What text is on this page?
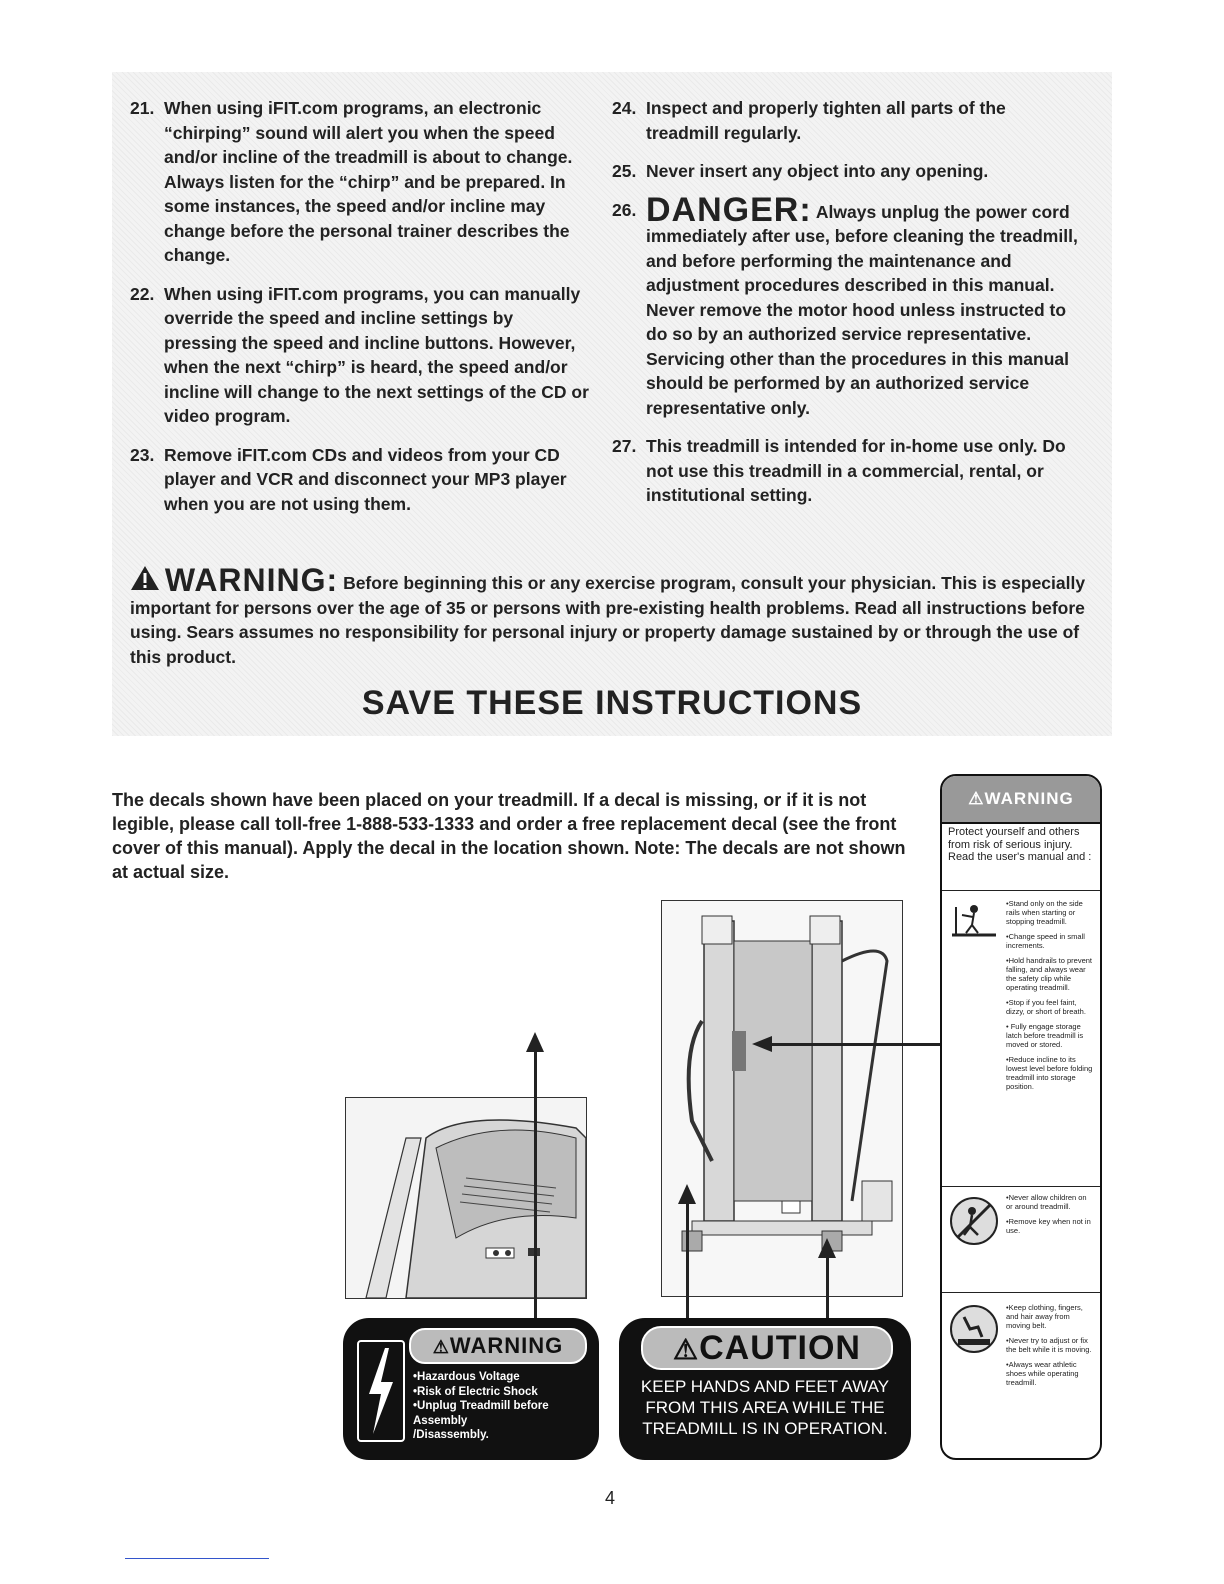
21. When using iFIT.com programs, an electronic “chirping” sound will alert you when the speed and/or incline of the treadmill is about to change. Always listen for the “chirp” and be prepared. In some instances, the speed and/or incline may change before the personal trainer describes the change.
22. When using iFIT.com programs, you can manually override the speed and incline settings by pressing the speed and incline buttons. However, when the next “chirp” is heard, the speed and/or incline will change to the next settings of the CD or video program.
23. Remove iFIT.com CDs and videos from your CD player and VCR and disconnect your MP3 player when you are not using them.
24. Inspect and properly tighten all parts of the treadmill regularly.
25. Never insert any object into any opening.
26. DANGER: Always unplug the power cord immediately after use, before cleaning the treadmill, and before performing the maintenance and adjustment procedures described in this manual. Never remove the motor hood unless instructed to do so by an authorized service representative. Servicing other than the procedures in this manual should be performed by an authorized service representative only.
27. This treadmill is intended for in-home use only. Do not use this treadmill in a commercial, rental, or institutional setting.
WARNING: Before beginning this or any exercise program, consult your physician. This is especially important for persons over the age of 35 or persons with pre-existing health problems. Read all instructions before using. Sears assumes no responsibility for personal injury or property damage sustained by or through the use of this product.
SAVE THESE INSTRUCTIONS
The decals shown have been placed on your treadmill. If a decal is missing, or if it is not legible, please call toll-free 1-888-533-1333 and order a free replacement decal (see the front cover of this manual). Apply the decal in the location shown. Note: The decals are not shown at actual size.
⚠WARNING
•Hazardous Voltage
•Risk of Electric Shock
•Unplug Treadmill before Assembly
/Disassembly.
⚠CAUTION
KEEP HANDS AND FEET AWAY
FROM THIS AREA WHILE THE
TREADMILL IS IN OPERATION.
⚠WARNING
Protect yourself and others from risk of serious injury. Read the user's manual and :
•Stand only on the side rails when starting or stopping treadmill.
•Change speed in small increments.
•Hold handrails to prevent falling, and always wear the safety clip while operating treadmill.
•Stop if you feel faint, dizzy, or short of breath.
• Fully engage storage latch before treadmill is moved or stored.
•Reduce incline to its lowest level before folding treadmill into storage position.
•Never allow children on or around treadmill.
•Remove key when not in use.
•Keep clothing, fingers, and hair away from moving belt.
•Never try to adjust or fix the belt while it is moving.
•Always wear athletic shoes while operating treadmill.
4
